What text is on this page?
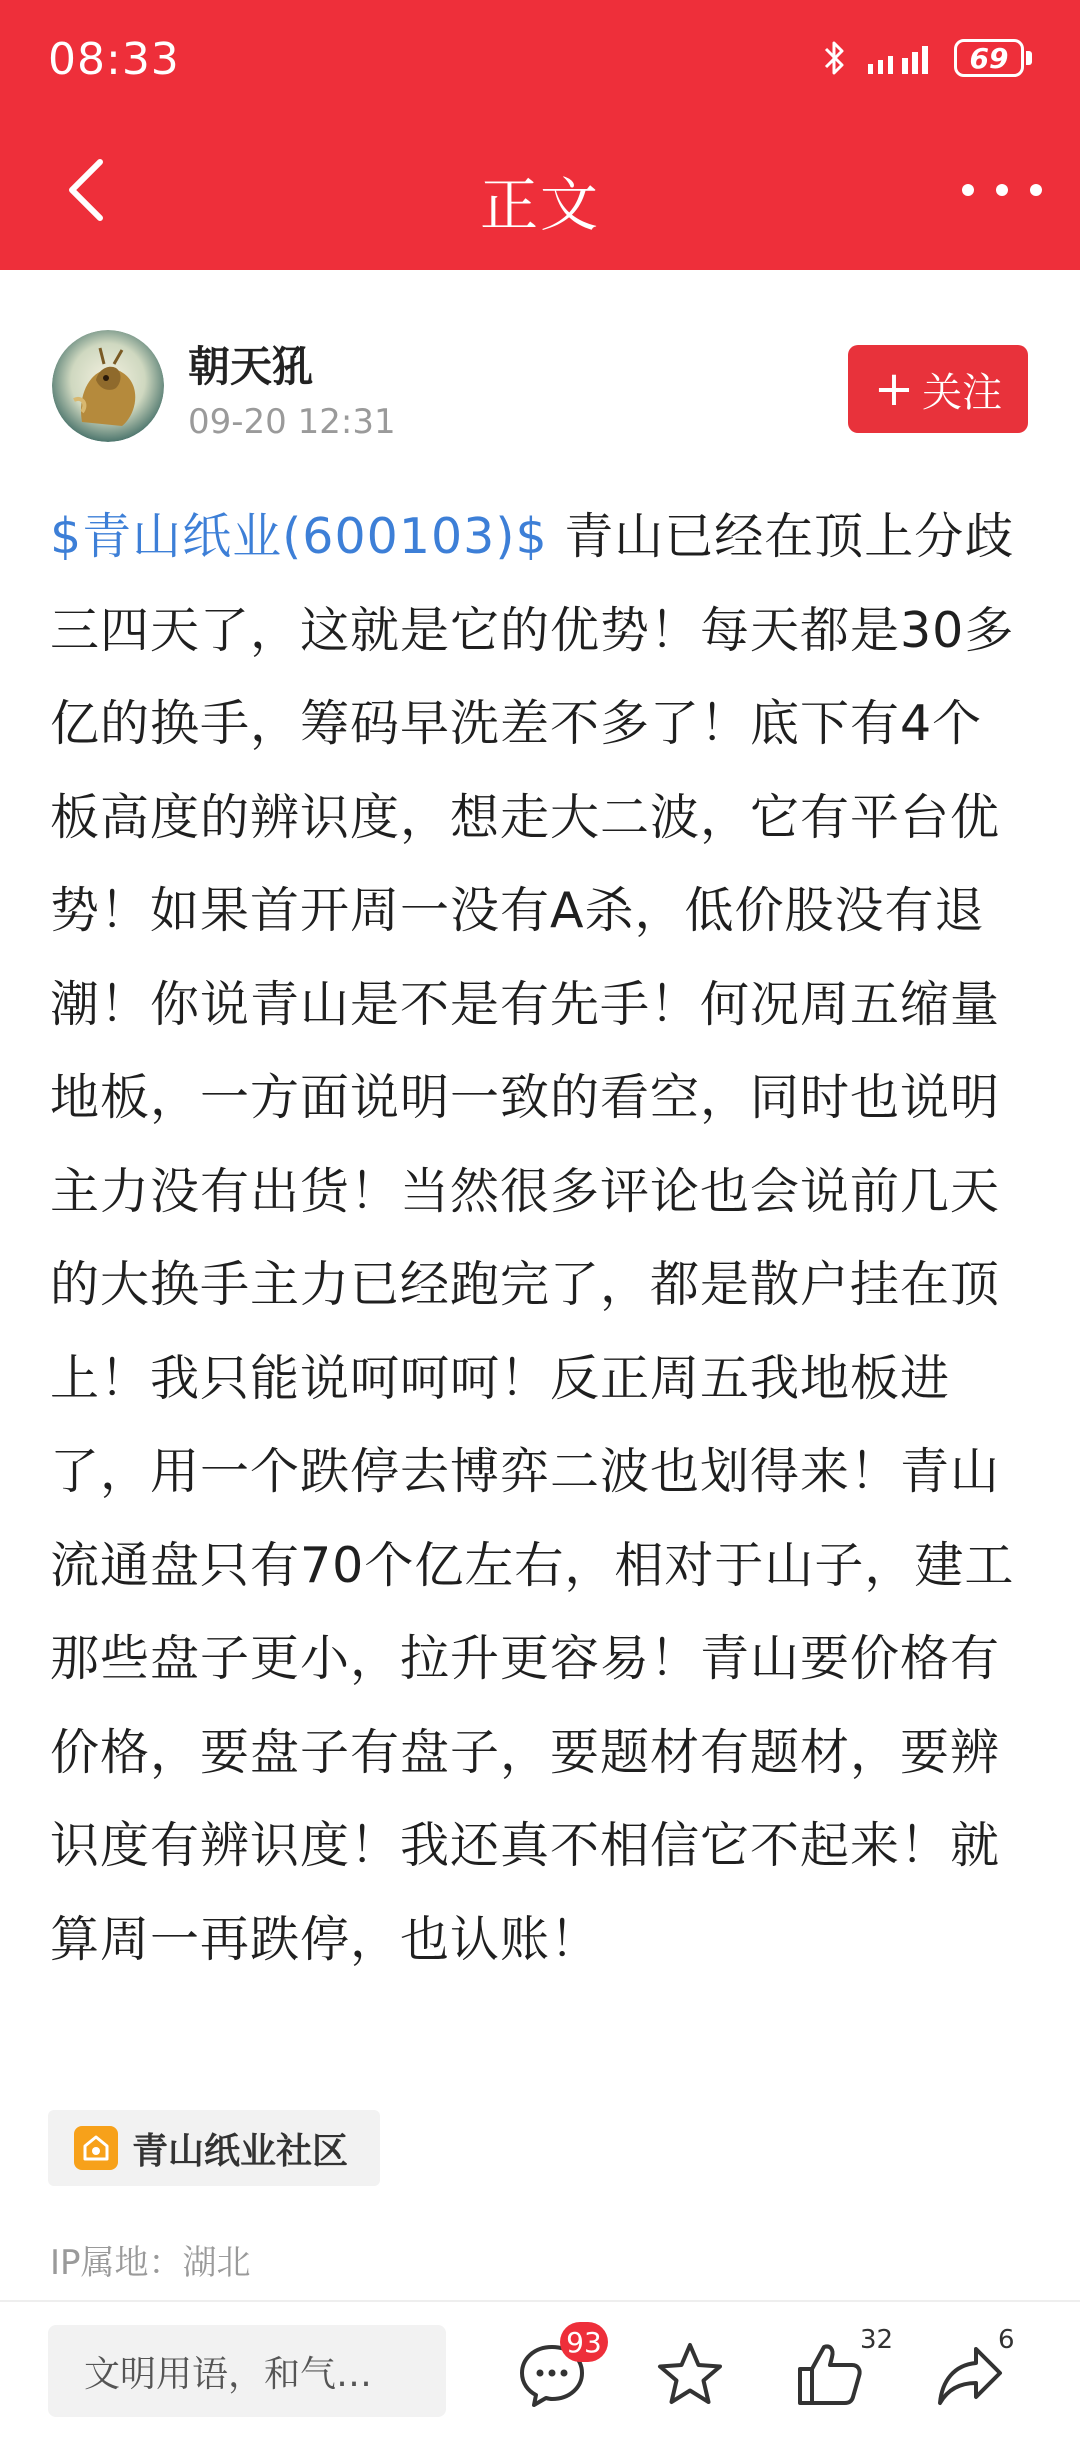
08:33	69
正文
朝天犼
09-20 12:31
+ 关注
$青山纸业(600103)$ 青山已经在顶上分歧三四天了，这就是它的优势！每天都是30多亿的换手，筹码早洗差不多了！底下有4个板高度的辨识度，想走大二波，它有平台优势！如果首开周一没有A杀，低价股没有退潮！你说青山是不是有先手！何况周五缩量地板，一方面说明一致的看空，同时也说明主力没有出货！当然很多评论也会说前几天的大换手主力已经跑完了，都是散户挂在顶上！我只能说呵呵呵！反正周五我地板进了，用一个跌停去博弈二波也划得来！青山流通盘只有70个亿左右，相对于山子，建工那些盘子更小，拉升更容易！青山要价格有价格，要盘子有盘子，要题材有题材，要辨识度有辨识度！我还真不相信它不起来！就算周一再跌停，也认账！
青山纸业社区
IP属地：湖北
文明用语，和气…
93	32	6
